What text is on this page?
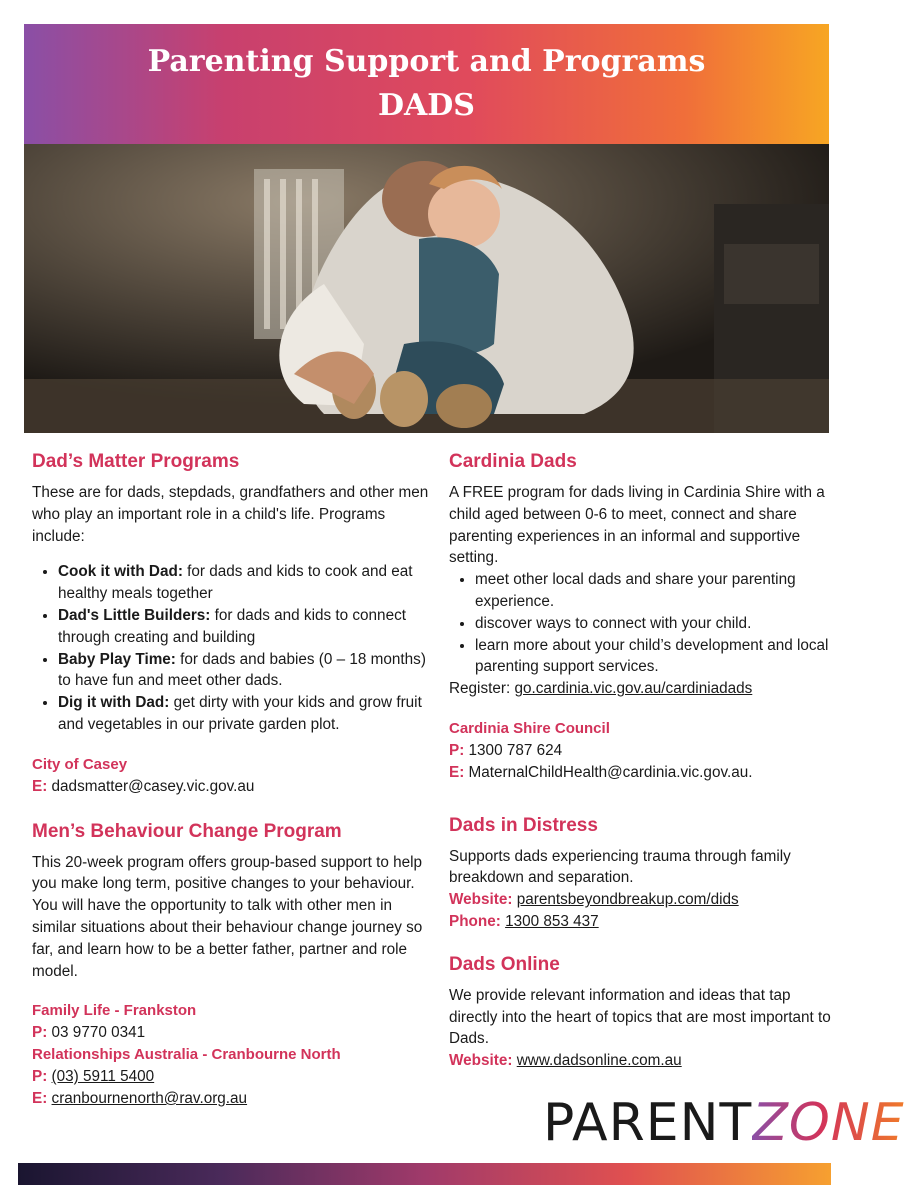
Parenting Support and Programs
DADS
Dad’s Matter Programs

These are for dads, stepdads, grandfathers and other men who play an important role in a child's life. Programs include:

• Cook it with Dad: for dads and kids to cook and eat healthy meals together
• Dad's Little Builders: for dads and kids to connect through creating and building
• Baby Play Time: for dads and babies (0 – 18 months) to have fun and meet other dads.
• Dig it with Dad: get dirty with your kids and grow fruit and vegetables in our private garden plot.
City of Casey
E: dadsmatter@casey.vic.gov.au
Men’s Behaviour Change Program

This 20-week program offers group-based support to help you make long term, positive changes to your behaviour. You will have the opportunity to talk with other men in similar situations about their behaviour change journey so far, and learn how to be a better father, partner and role model.

Family Life - Frankston
P: 03 9770 0341
Relationships Australia - Cranbourne North
P: (03) 5911 5400
E: cranbournenorth@rav.org.au
Cardinia Dads

A FREE program for dads living in Cardinia Shire with a child aged between 0-6 to meet, connect and share parenting experiences in an informal and supportive setting.

• meet other local dads and share your parenting experience.
• discover ways to connect with your child.
• learn more about your child’s development and local parenting support services.
Register: go.cardinia.vic.gov.au/cardiniadads
Cardinia Shire Council
P: 1300 787 624
E: MaternalChildHealth@cardinia.vic.gov.au.
Dads in Distress

Supports dads experiencing trauma through family breakdown and separation.

Website: parentsbeyondbreakup.com/dids
Phone: 1300 853 437
Dads Online

We provide relevant information and ideas that tap directly into the heart of topics that are most important to Dads.

Website: www.dadsonline.com.au
PARENTZONE
